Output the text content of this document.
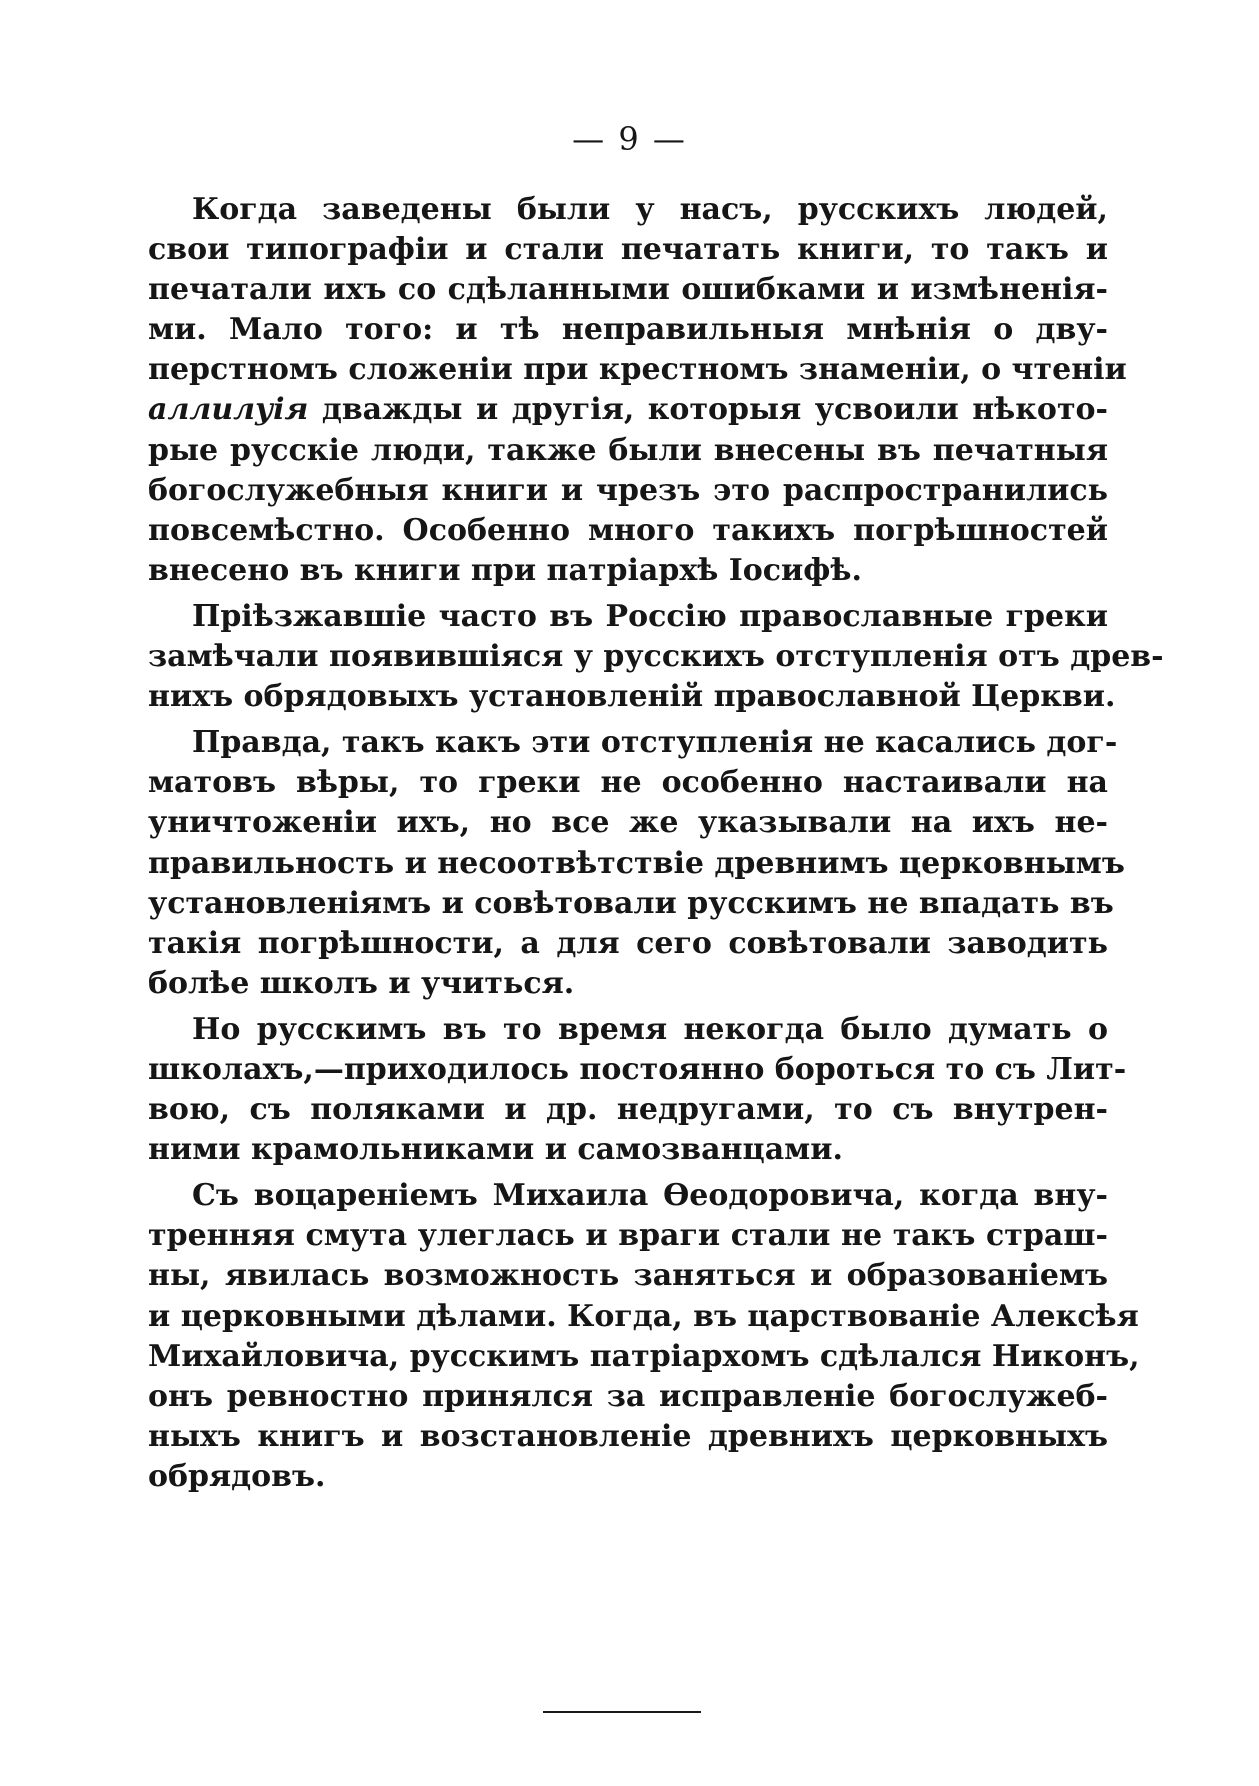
— 9 —
Когда заведены были у насъ, русскихъ людей,
свои типографіи и стали печатать книги, то такъ и
печатали ихъ со сдѣланными ошибками и измѣненія-
ми. Мало того: и тѣ неправильныя мнѣнія о дву-
перстномъ сложеніи при крестномъ знаменіи, о чтеніи
аллилуія дважды и другія, которыя усвоили нѣкото-
рые русскіе люди, также были внесены въ печатныя
богослужебныя книги и чрезъ это распространились
повсемѣстно. Особенно много такихъ погрѣшностей
внесено въ книги при патріархѣ Іосифѣ.
Пріѣзжавшіе часто въ Россію православные греки
замѣчали появившіяся у русскихъ отступленія отъ древ-
нихъ обрядовыхъ установленій православной Церкви.
Правда, такъ какъ эти отступленія не касались дог-
матовъ вѣры, то греки не особенно настаивали на
уничтоженіи ихъ, но все же указывали на ихъ не-
правильность и несоотвѣтствіе древнимъ церковнымъ
установленіямъ и совѣтовали русскимъ не впадать въ
такія погрѣшности, а для сего совѣтовали заводить
болѣе школъ и учиться.
Но русскимъ въ то время некогда было думать о
школахъ,—приходилось постоянно бороться то съ Лит-
вою, съ поляками и др. недругами, то съ внутрен-
ними крамольниками и самозванцами.
Съ воцареніемъ Михаила Өеодоровича, когда вну-
тренняя смута улеглась и враги стали не такъ страш-
ны, явилась возможность заняться и образованіемъ
и церковными дѣлами. Когда, въ царствованіе Алексѣя
Михайловича, русскимъ патріархомъ сдѣлался Никонъ,
онъ ревностно принялся за исправленіе богослужеб-
ныхъ книгъ и возстановленіе древнихъ церковныхъ
обрядовъ.
